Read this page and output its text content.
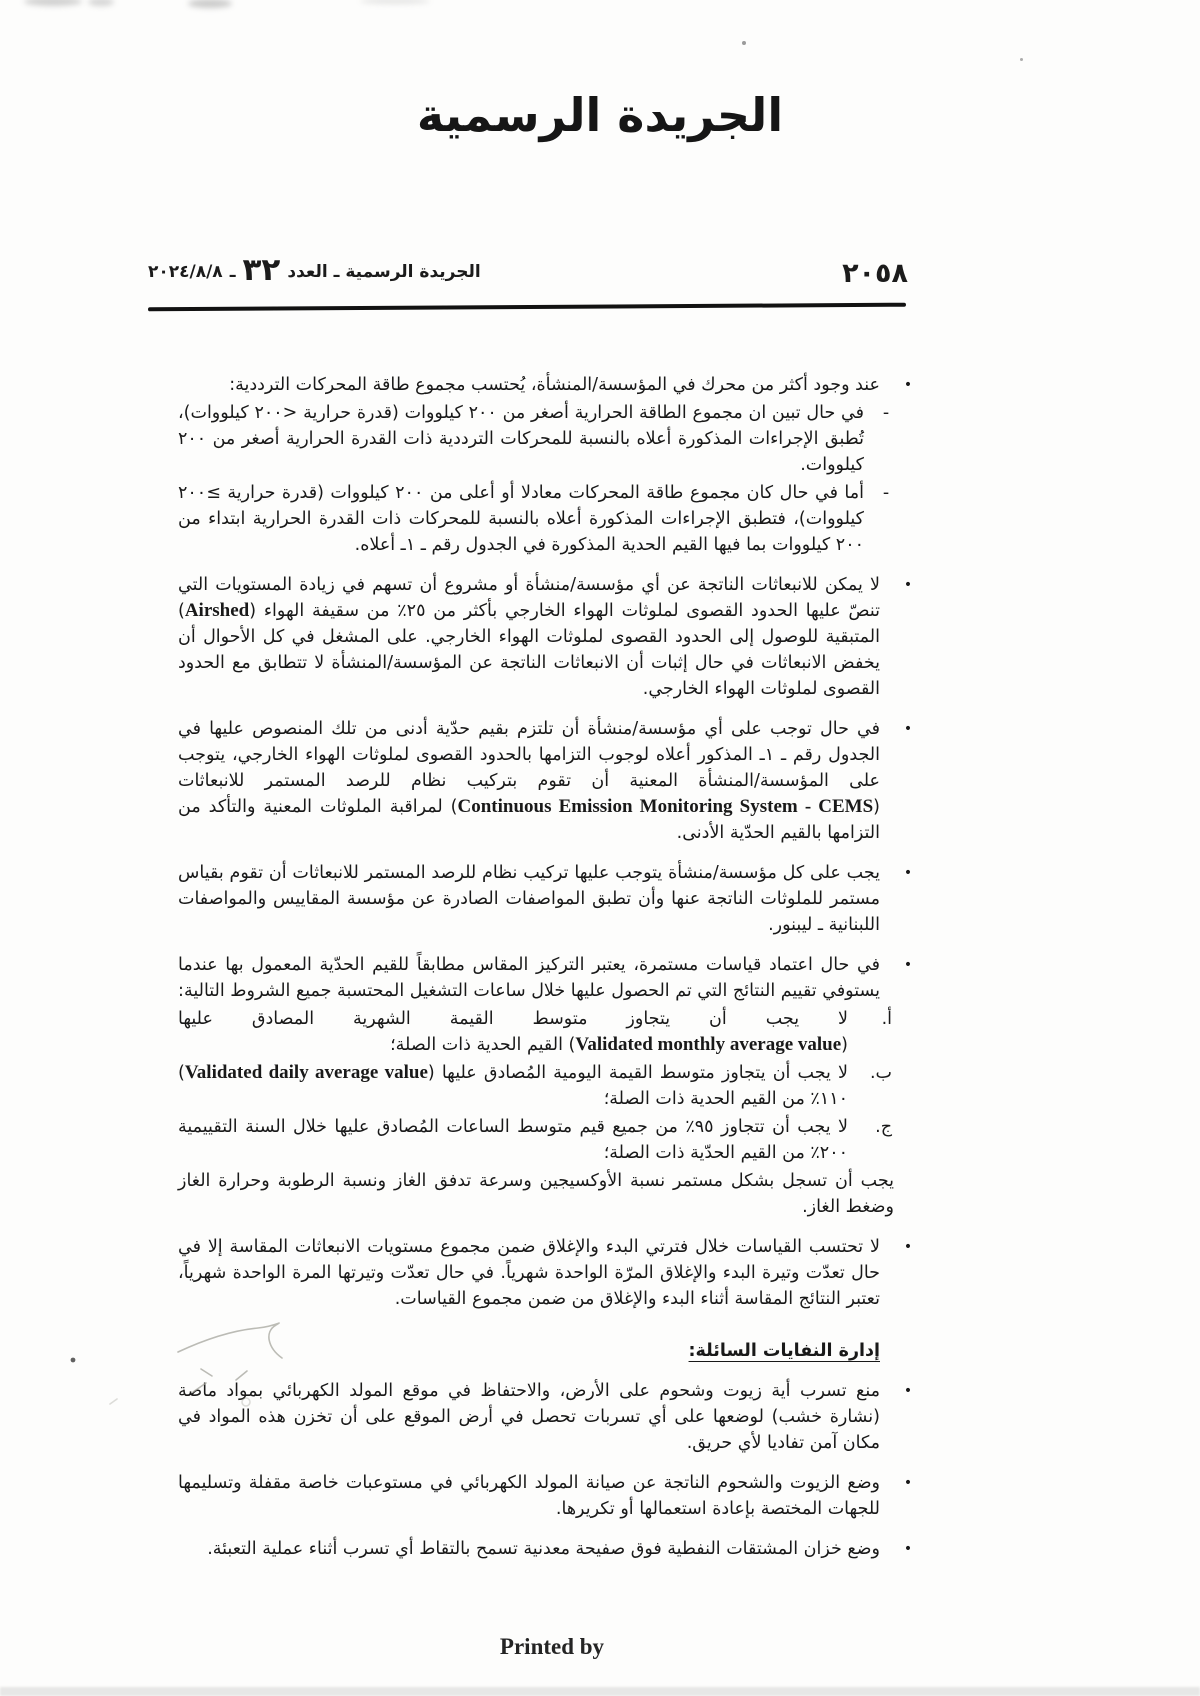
الجريدة الرسمية
٢٠٥٨
الجريدة الرسمية ـ العدد
٣٢
ـ
٢٠٢٤/٨/٨
•
عند وجود أكثر من محرك في المؤسسة/المنشأة، يُحتسب مجموع طاقة المحركات الترددية:
-
في حال تبين ان مجموع الطاقة الحرارية أصغر من ٢٠٠ كيلووات (قدرة حرارية <٢٠٠ كيلووات)، تُطبق الإجراءات المذكورة أعلاه بالنسبة للمحركات الترددية ذات القدرة الحرارية أصغر من ٢٠٠ كيلووات.
-
أما في حال كان مجموع طاقة المحركات معادلا أو أعلى من ٢٠٠ كيلووات (قدرة حرارية ≥٢٠٠ كيلووات)، فتطبق الإجراءات المذكورة أعلاه بالنسبة للمحركات ذات القدرة الحرارية ابتداء من ٢٠٠ كيلووات بما فيها القيم الحدية المذكورة في الجدول رقم ـ ١ـ أعلاه.
•
لا يمكن للانبعاثات الناتجة عن أي مؤسسة/منشأة أو مشروع أن تسهم في زيادة المستويات التي تنصّ عليها الحدود القصوى لملوثات الهواء الخارجي بأكثر من ٢٥٪ من سقيفة الهواء (Airshed) المتبقية للوصول إلى الحدود القصوى لملوثات الهواء الخارجي. على المشغل في كل الأحوال أن يخفض الانبعاثات في حال إثبات أن الانبعاثات الناتجة عن المؤسسة/المنشأة لا تتطابق مع الحدود القصوى لملوثات الهواء الخارجي.
•
في حال توجب على أي مؤسسة/منشأة أن تلتزم بقيم حدّية أدنى من تلك المنصوص عليها في الجدول رقم ـ ١ـ المذكور أعلاه لوجوب التزامها بالحدود القصوى لملوثات الهواء الخارجي، يتوجب على المؤسسة/المنشأة المعنية أن تقوم بتركيب نظام للرصد المستمر للانبعاثات (Continuous Emission Monitoring System - CEMS) لمراقبة الملوثات المعنية والتأكد من التزامها بالقيم الحدّية الأدنى.
•
يجب على كل مؤسسة/منشأة يتوجب عليها تركيب نظام للرصد المستمر للانبعاثات أن تقوم بقياس مستمر للملوثات الناتجة عنها وأن تطبق المواصفات الصادرة عن مؤسسة المقاييس والمواصفات اللبنانية ـ ليبنور.
•
في حال اعتماد قياسات مستمرة، يعتبر التركيز المقاس مطابقاً للقيم الحدّية المعمول بها عندما يستوفي تقييم النتائج التي تم الحصول عليها خلال ساعات التشغيل المحتسبة جميع الشروط التالية:
أ.
لا يجب أن يتجاوز متوسط القيمة الشهرية المصادق عليها (Validated monthly average value) القيم الحدية ذات الصلة؛
ب.
لا يجب أن يتجاوز متوسط القيمة اليومية المُصادق عليها (Validated daily average value) ١١٠٪ من القيم الحدية ذات الصلة؛
ج.
لا يجب أن تتجاوز ٩٥٪ من جميع قيم متوسط الساعات المُصادق عليها خلال السنة التقييمية ٢٠٠٪ من القيم الحدّية ذات الصلة؛
يجب أن تسجل بشكل مستمر نسبة الأوكسيجين وسرعة تدفق الغاز ونسبة الرطوبة وحرارة الغاز وضغط الغاز.
•
لا تحتسب القياسات خلال فترتي البدء والإغلاق ضمن مجموع مستويات الانبعاثات المقاسة إلا في حال تعدّت وتيرة البدء والإغلاق المرّة الواحدة شهرياً. في حال تعدّت وتيرتها المرة الواحدة شهرياً، تعتبر النتائج المقاسة أثناء البدء والإغلاق من ضمن مجموع القياسات.
إدارة النفايات السائلة:
•
منع تسرب أية زيوت وشحوم على الأرض، والاحتفاظ في موقع المولد الكهربائي بمواد ماصة (نشارة خشب) لوضعها على أي تسربات تحصل في أرض الموقع على أن تخزن هذه المواد في مكان آمن تفاديا لأي حريق.
•
وضع الزيوت والشحوم الناتجة عن صيانة المولد الكهربائي في مستوعبات خاصة مقفلة وتسليمها للجهات المختصة بإعادة استعمالها أو تكريرها.
•
وضع خزان المشتقات النفطية فوق صفيحة معدنية تسمح بالتقاط أي تسرب أثناء عملية التعبئة.
Printed by
